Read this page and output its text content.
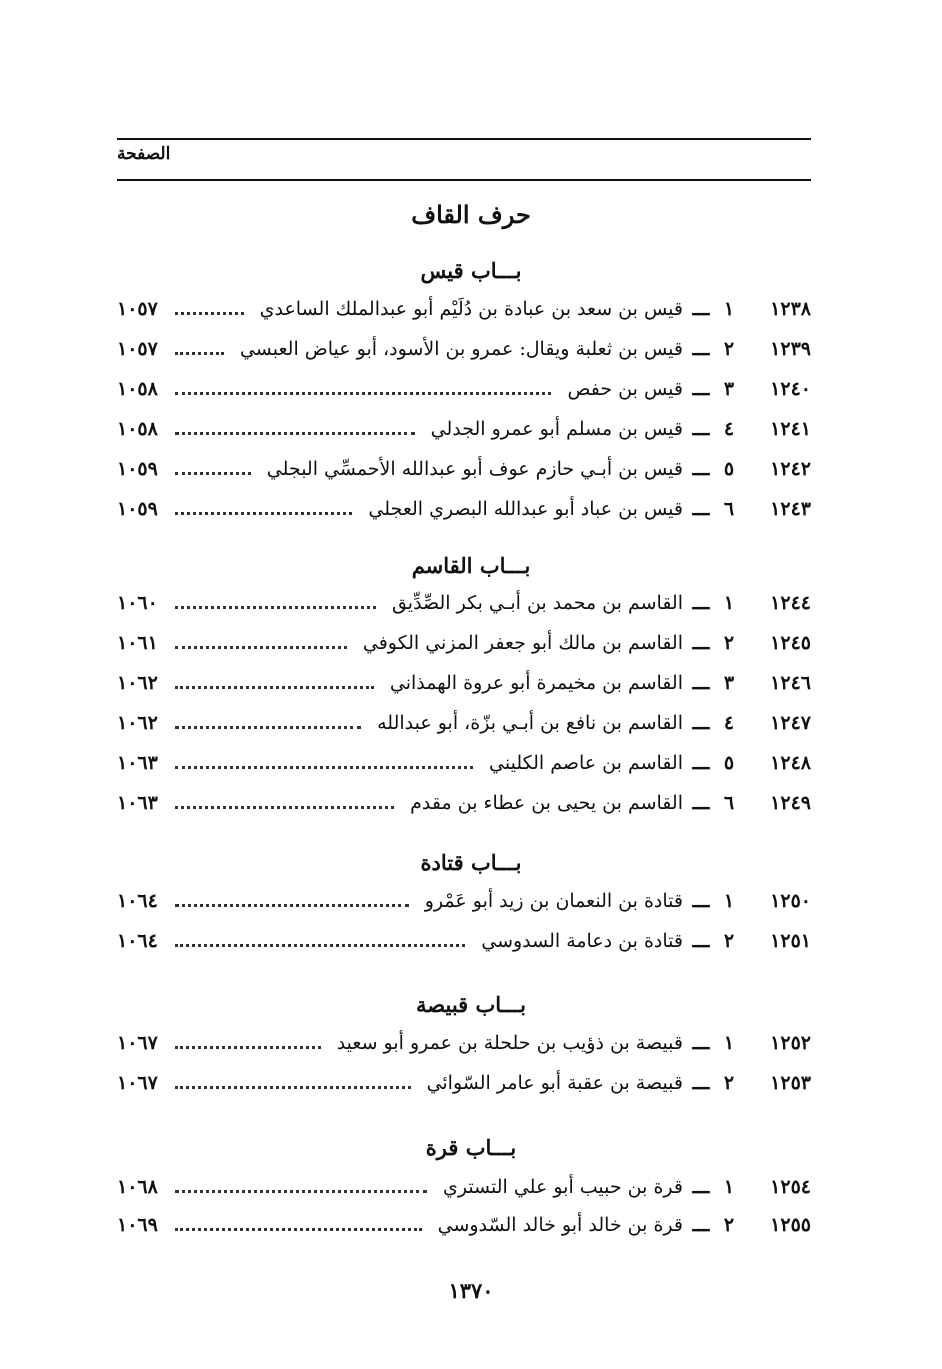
الصفحة
حرف القاف
بـــاب قيس
١٢٣٨
١
ـــ
قيس بن سعد بن عبادة بن دُلَيْم أبو عبدالملك الساعدي
١٠٥٧
١٢٣٩
٢
ـــ
قيس بن ثعلبة ويقال: عمرو بن الأسود، أبو عياض العبسي
١٠٥٧
١٢٤٠
٣
ـــ
قيس بن حفص
١٠٥٨
١٢٤١
٤
ـــ
قيس بن مسلم أبو عمرو الجدلي
١٠٥٨
١٢٤٢
٥
ـــ
قيس بن أبـي حازم عوف أبو عبدالله الأحمسِّي البجلي
١٠٥٩
١٢٤٣
٦
ـــ
قيس بن عباد أبو عبدالله البصري العجلي
١٠٥٩
بـــاب القاسم
١٢٤٤
١
ـــ
القاسم بن محمد بن أبـي بكر الصِّدِّيق
١٠٦٠
١٢٤٥
٢
ـــ
القاسم بن مالك أبو جعفر المزني الكوفي
١٠٦١
١٢٤٦
٣
ـــ
القاسم بن مخيمرة أبو عروة الهمذاني
١٠٦٢
١٢٤٧
٤
ـــ
القاسم بن نافع بن أبـي بزّة، أبو عبدالله
١٠٦٢
١٢٤٨
٥
ـــ
القاسم بن عاصم الكليني
١٠٦٣
١٢٤٩
٦
ـــ
القاسم بن يحيى بن عطاء بن مقدم
١٠٦٣
بـــاب قتادة
١٢٥٠
١
ـــ
قتادة بن النعمان بن زيد أبو عَمْرو
١٠٦٤
١٢٥١
٢
ـــ
قتادة بن دعامة السدوسي
١٠٦٤
بـــاب قبيصة
١٢٥٢
١
ـــ
قبيصة بن ذؤيب بن حلحلة بن عمرو أبو سعيد
١٠٦٧
١٢٥٣
٢
ـــ
قبيصة بن عقبة أبو عامر السّوائي
١٠٦٧
بـــاب قرة
١٢٥٤
١
ـــ
قرة بن حبيب أبو علي التستري
١٠٦٨
١٢٥٥
٢
ـــ
قرة بن خالد أبو خالد السّدوسي
١٠٦٩
١٣٧٠
